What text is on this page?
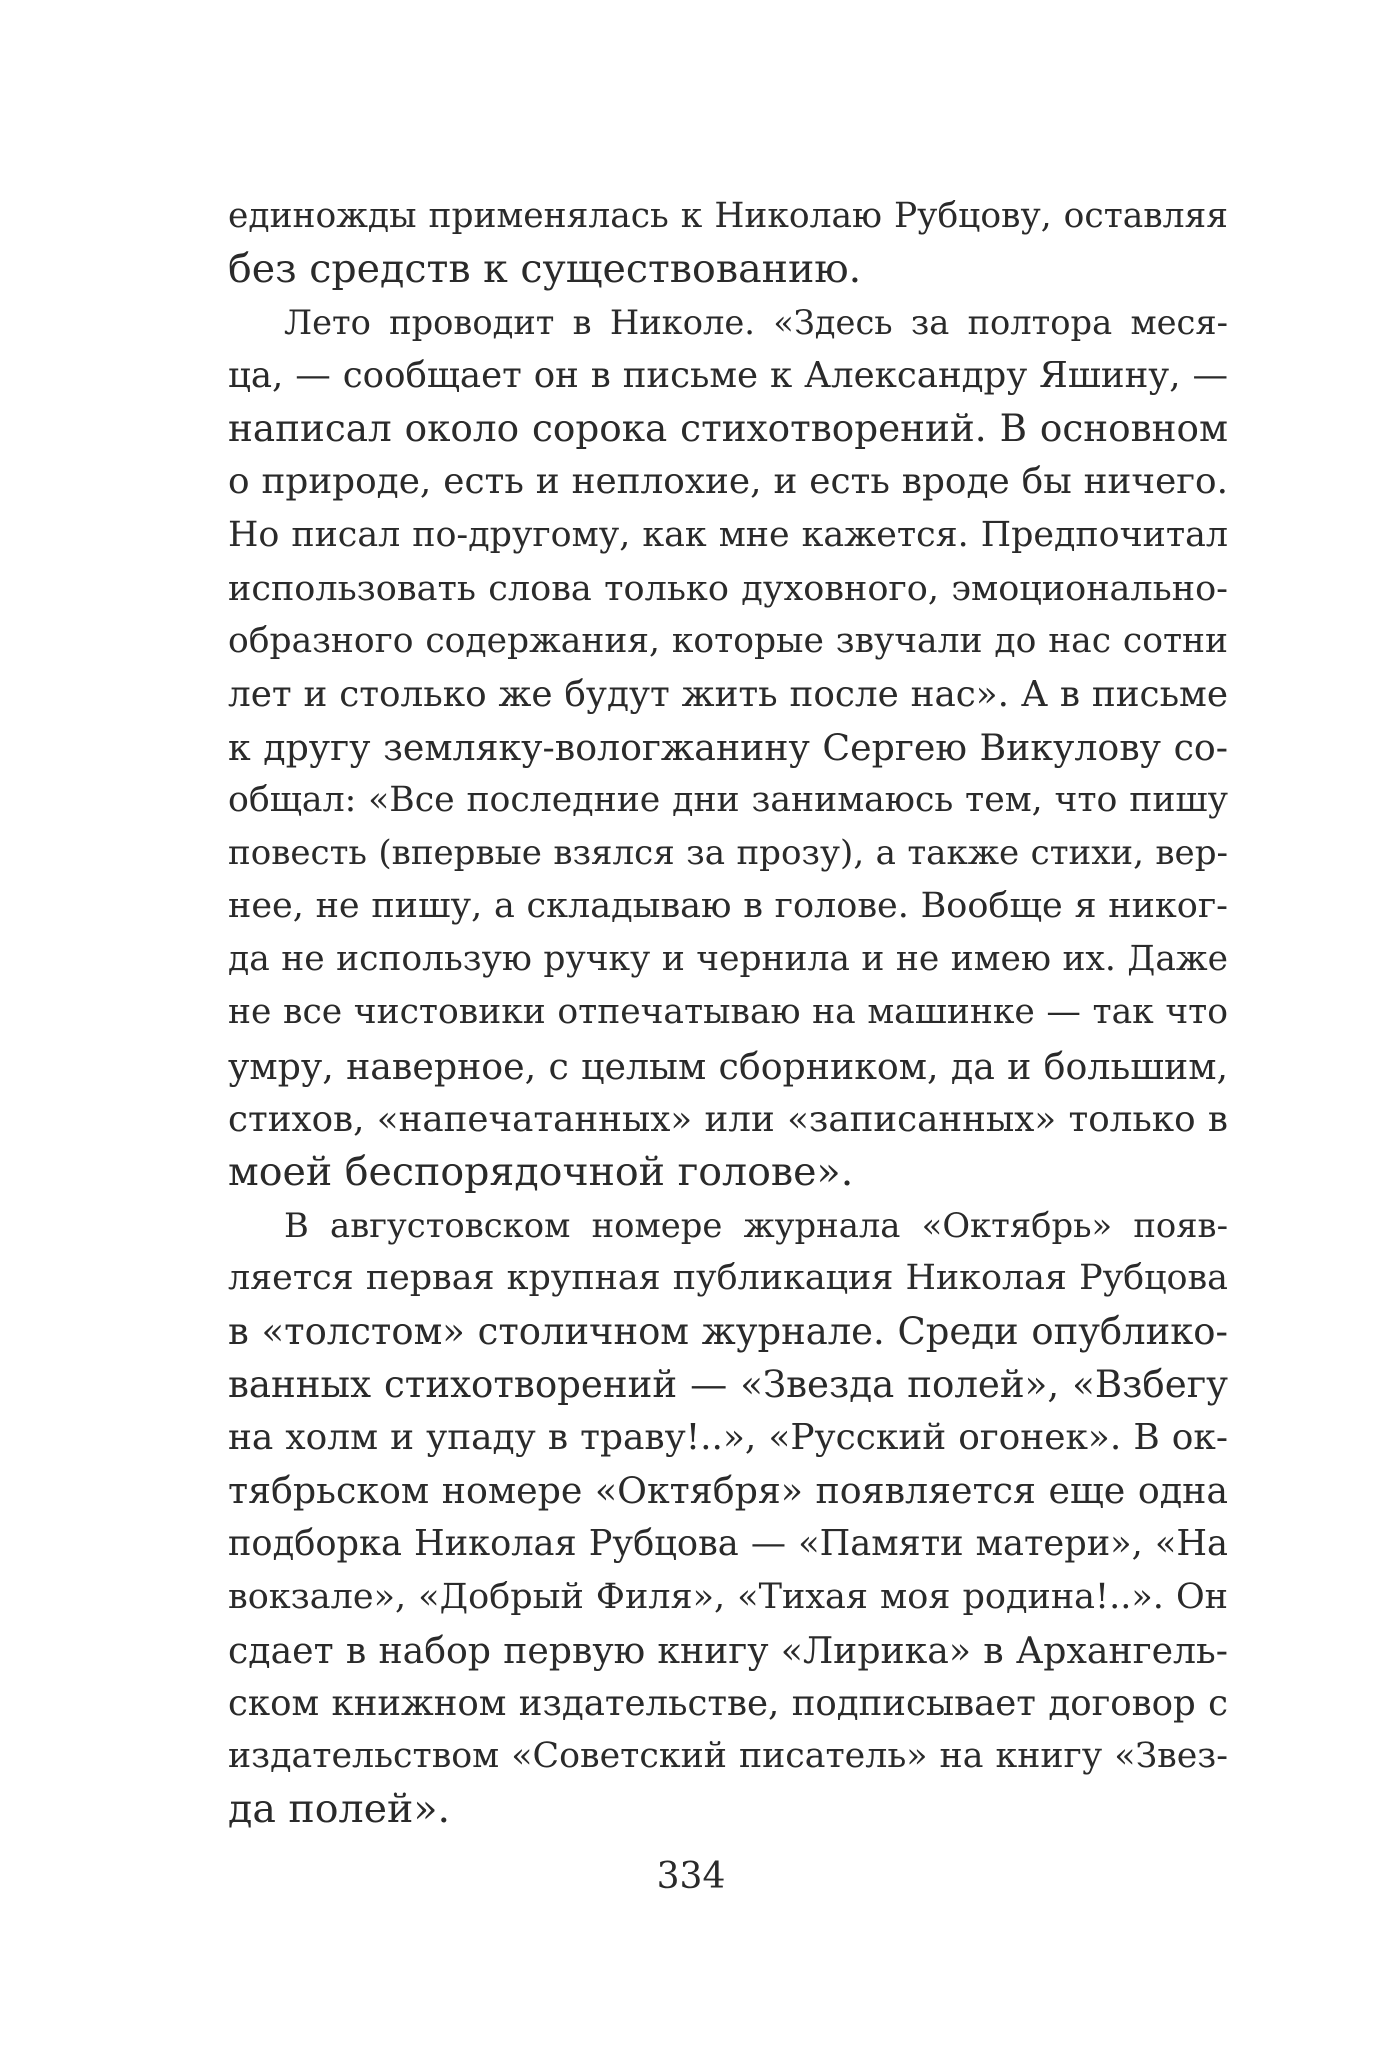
единожды применялась к Николаю Рубцову, оставляя
без средств к существованию.
Лето проводит в Николе. «Здесь за полтора меся-
ца, — сообщает он в письме к Александру Яшину, —
написал около сорока стихотворений. В основном
о природе, есть и неплохие, и есть вроде бы ничего.
Но писал по-другому, как мне кажется. Предпочитал
использовать слова только духовного, эмоционально-
образного содержания, которые звучали до нас сотни
лет и столько же будут жить после нас». А в письме
к другу земляку-вологжанину Сергею Викулову со-
общал: «Все последние дни занимаюсь тем, что пишу
повесть (впервые взялся за прозу), а также стихи, вер-
нее, не пишу, а складываю в голове. Вообще я никог-
да не использую ручку и чернила и не имею их. Даже
не все чистовики отпечатываю на машинке — так что
умру, наверное, с целым сборником, да и большим,
стихов, «напечатанных» или «записанных» только в
моей беспорядочной голове».
В августовском номере журнала «Октябрь» появ-
ляется первая крупная публикация Николая Рубцова
в «толстом» столичном журнале. Среди опублико-
ванных стихотворений — «Звезда полей», «Взбегу
на холм и упаду в траву!..», «Русский огонек». В ок-
тябрьском номере «Октября» появляется еще одна
подборка Николая Рубцова — «Памяти матери», «На
вокзале», «Добрый Филя», «Тихая моя родина!..». Он
сдает в набор первую книгу «Лирика» в Архангель-
ском книжном издательстве, подписывает договор с
издательством «Советский писатель» на книгу «Звез-
да полей».
334
